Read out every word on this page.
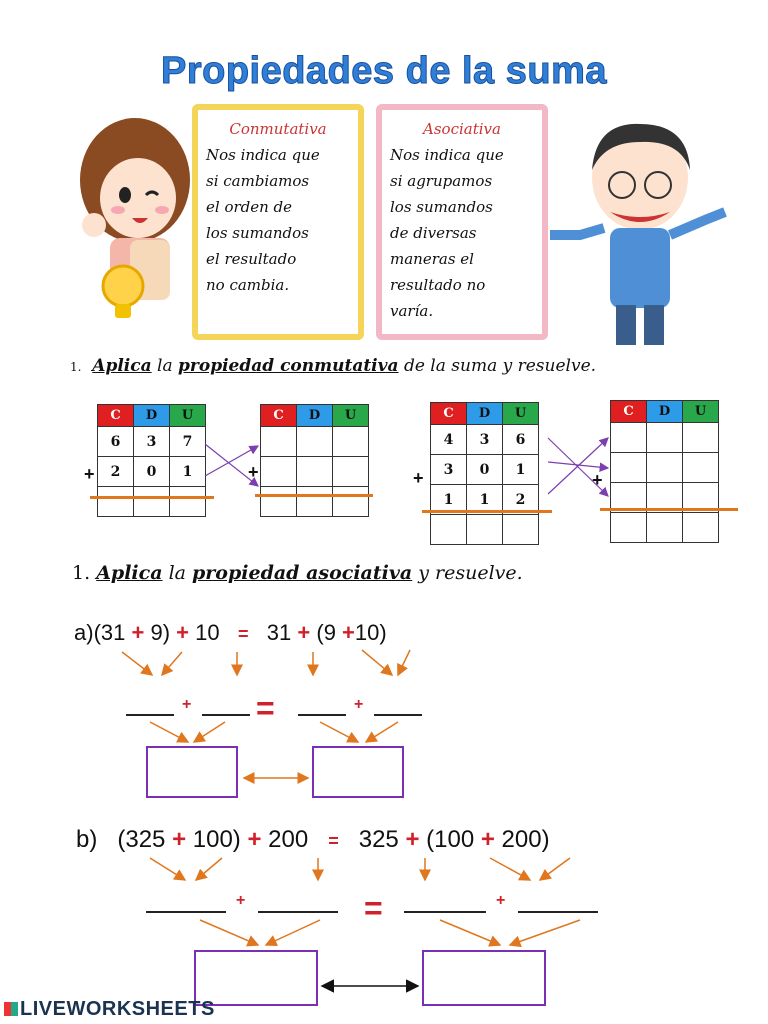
Propiedades de la suma
Conmutativa
Nos indica que
si cambiamos
el orden de
los sumandos
el resultado
no cambia.
Asociativa
Nos indica que
si agrupamos
los sumandos
de diversas
maneras el
resultado no
varía.
1. Aplica la propiedad conmutativa de la suma y resuelve.
C	D	U
6	3	7
2	0	1

+
C	D	U

+
C	D	U
4	3	6
3	0	1
1	1	2

+
C	D	U

+
1. Aplica la propiedad asociativa y resuelve.
a)(31 + 9) + 10 = 31 + (9 +10)
+ =	+
b) (325 + 100) + 200 = 325 + (100 + 200)
+	=	+
LIVEWORKSHEETS
